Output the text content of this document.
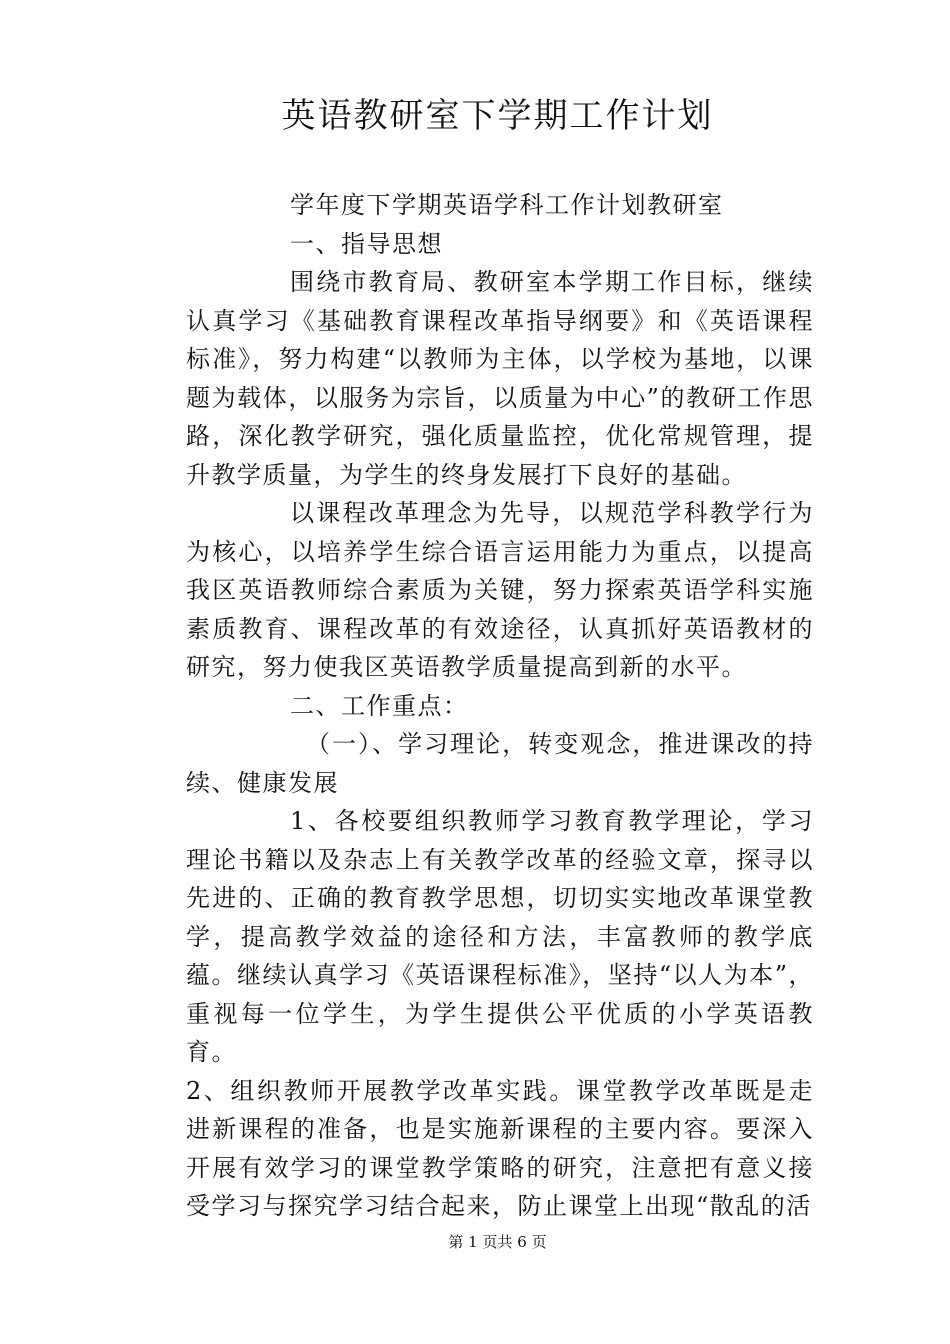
英语教研室下学期工作计划

学年度下学期英语学科工作计划教研室

一、指导思想

围绕市教育局、教研室本学期工作目标，继续认真学习《基础教育课程改革指导纲要》和《英语课程标准》，努力构建“以教师为主体，以学校为基地，以课题为载体，以服务为宗旨，以质量为中心”的教研工作思路，深化教学研究，强化质量监控，优化常规管理，提升教学质量，为学生的终身发展打下良好的基础。

以课程改革理念为先导，以规范学科教学行为为核心，以培养学生综合语言运用能力为重点，以提高我区英语教师综合素质为关键，努力探索英语学科实施素质教育、课程改革的有效途径，认真抓好英语教材的研究，努力使我区英语教学质量提高到新的水平。

二、工作重点：

（一）、学习理论，转变观念，推进课改的持续、健康发展

1、各校要组织教师学习教育教学理论，学习理论书籍以及杂志上有关教学改革的经验文章，探寻以先进的、正确的教育教学思想，切切实实地改革课堂教学，提高教学效益的途径和方法，丰富教师的教学底蕴。继续认真学习《英语课程标准》，坚持“以人为本”，重视每一位学生，为学生提供公平优质的小学英语教育。

2、组织教师开展教学改革实践。课堂教学改革既是走进新课程的准备，也是实施新课程的主要内容。要深入开展有效学习的课堂教学策略的研究，注意把有意义接受学习与探究学习结合起来，防止课堂上出现“散乱的活

第 1 页共 6 页
